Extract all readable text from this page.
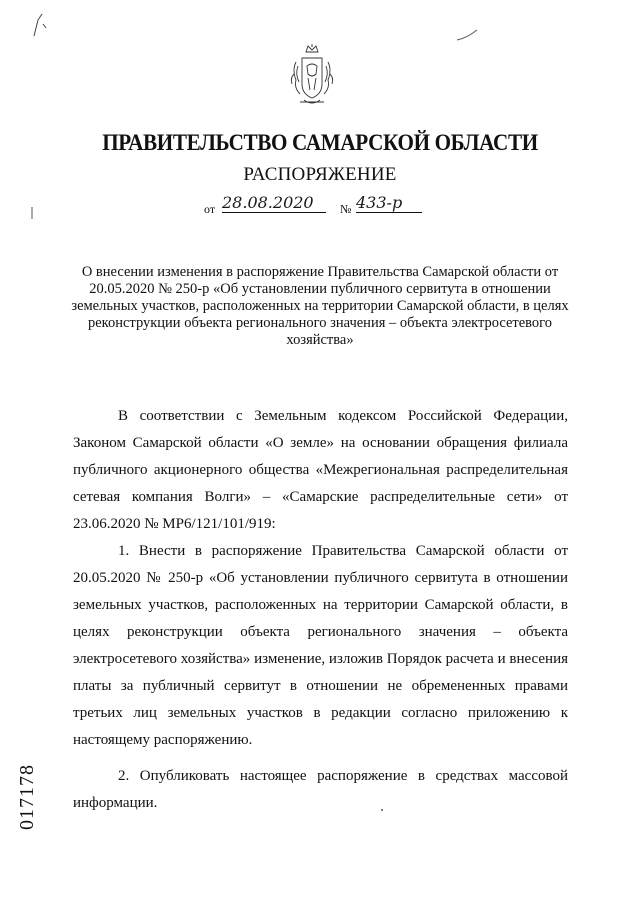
ПРАВИТЕЛЬСТВО САМАРСКОЙ ОБЛАСТИ
РАСПОРЯЖЕНИЕ
от 28.08.2020	№ 433-р
О внесении изменения в распоряжение Правительства Самарской области от 20.05.2020 № 250-р «Об установлении публичного сервитута в отношении земельных участков, расположенных на территории Самарской области, в целях реконструкции объекта регионального значения – объекта электросетевого хозяйства»

В соответствии с Земельным кодексом Российской Федерации, Законом Самарской области «О земле» на основании обращения филиала публичного акционерного общества «Межрегиональная распределительная сетевая компания Волги» – «Самарские распределительные сети» от 23.06.2020 № МР6/121/101/919:

1. Внести в распоряжение Правительства Самарской области от 20.05.2020 № 250-р «Об установлении публичного сервитута в отношении земельных участков, расположенных на территории Самарской области, в целях реконструкции объекта регионального значения – объекта электросетевого хозяйства» изменение, изложив Порядок расчета и внесения платы за публичный сервитут в отношении не обремененных правами третьих лиц земельных участков в редакции согласно приложению к настоящему распоряжению.

2. Опубликовать настоящее распоряжение в средствах массовой информации.

017178
